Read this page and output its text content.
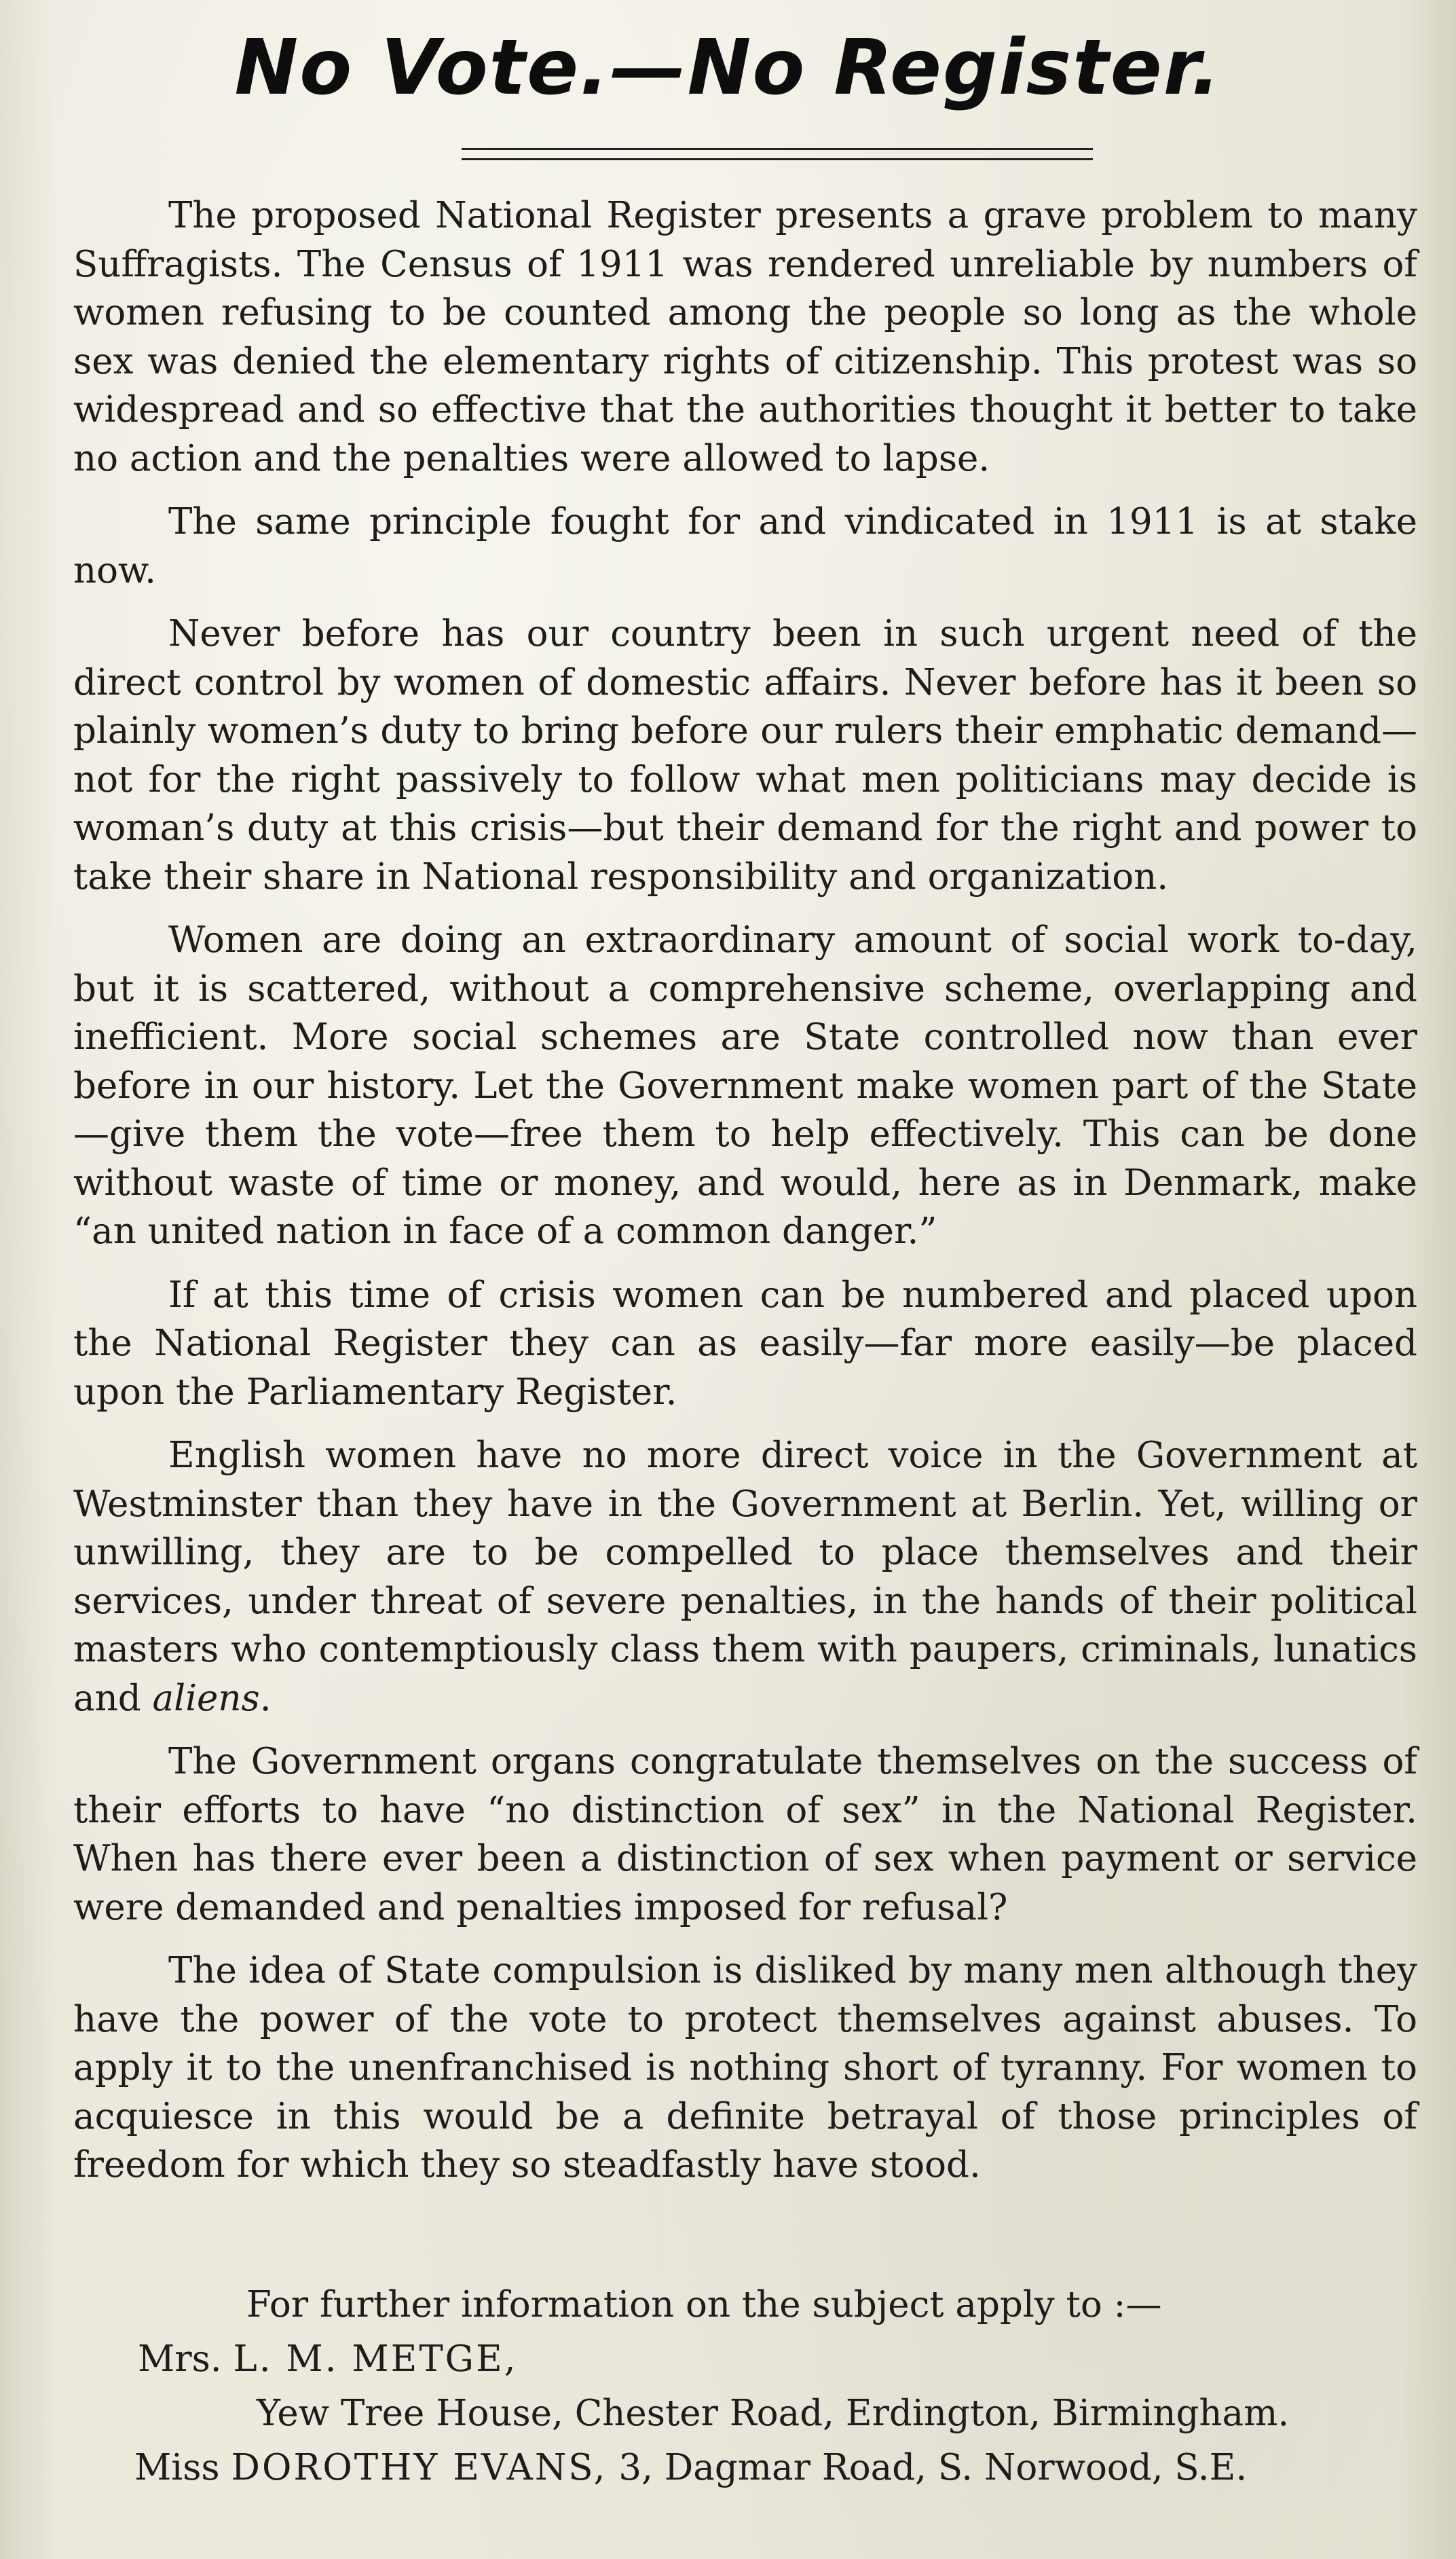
No Vote.—No Register.

The proposed National Register presents a grave problem to many Suffragists. The Census of 1911 was rendered unreliable by numbers of women refusing to be counted among the people so long as the whole sex was denied the elementary rights of citizenship. This protest was so widespread and so effective that the authorities thought it better to take no action and the penalties were allowed to lapse.

The same principle fought for and vindicated in 1911 is at stake now.

Never before has our country been in such urgent need of the direct control by women of domestic affairs. Never before has it been so plainly women’s duty to bring before our rulers their emphatic demand—not for the right passively to follow what men politicians may decide is woman’s duty at this crisis—but their demand for the right and power to take their share in National responsibility and organization.

Women are doing an extraordinary amount of social work to-day, but it is scattered, without a comprehensive scheme, overlapping and inefficient. More social schemes are State controlled now than ever before in our history. Let the Government make women part of the State—give them the vote—free them to help effectively. This can be done without waste of time or money, and would, here as in Denmark, make “an united nation in face of a common danger.”

If at this time of crisis women can be numbered and placed upon the National Register they can as easily—far more easily—be placed upon the Parliamentary Register.

English women have no more direct voice in the Government at Westminster than they have in the Government at Berlin. Yet, willing or unwilling, they are to be compelled to place themselves and their services, under threat of severe penalties, in the hands of their political masters who contemptiously class them with paupers, criminals, lunatics and aliens.

The Government organs congratulate themselves on the success of their efforts to have “no distinction of sex” in the National Register. When has there ever been a distinction of sex when payment or service were demanded and penalties imposed for refusal?

The idea of State compulsion is disliked by many men although they have the power of the vote to protect themselves against abuses. To apply it to the unenfranchised is nothing short of tyranny. For women to acquiesce in this would be a definite betrayal of those principles of freedom for which they so steadfastly have stood.

For further information on the subject apply to :—
Mrs. L. M. METGE,
Yew Tree House, Chester Road, Erdington, Birmingham.
Miss DOROTHY EVANS, 3, Dagmar Road, S. Norwood, S.E.
